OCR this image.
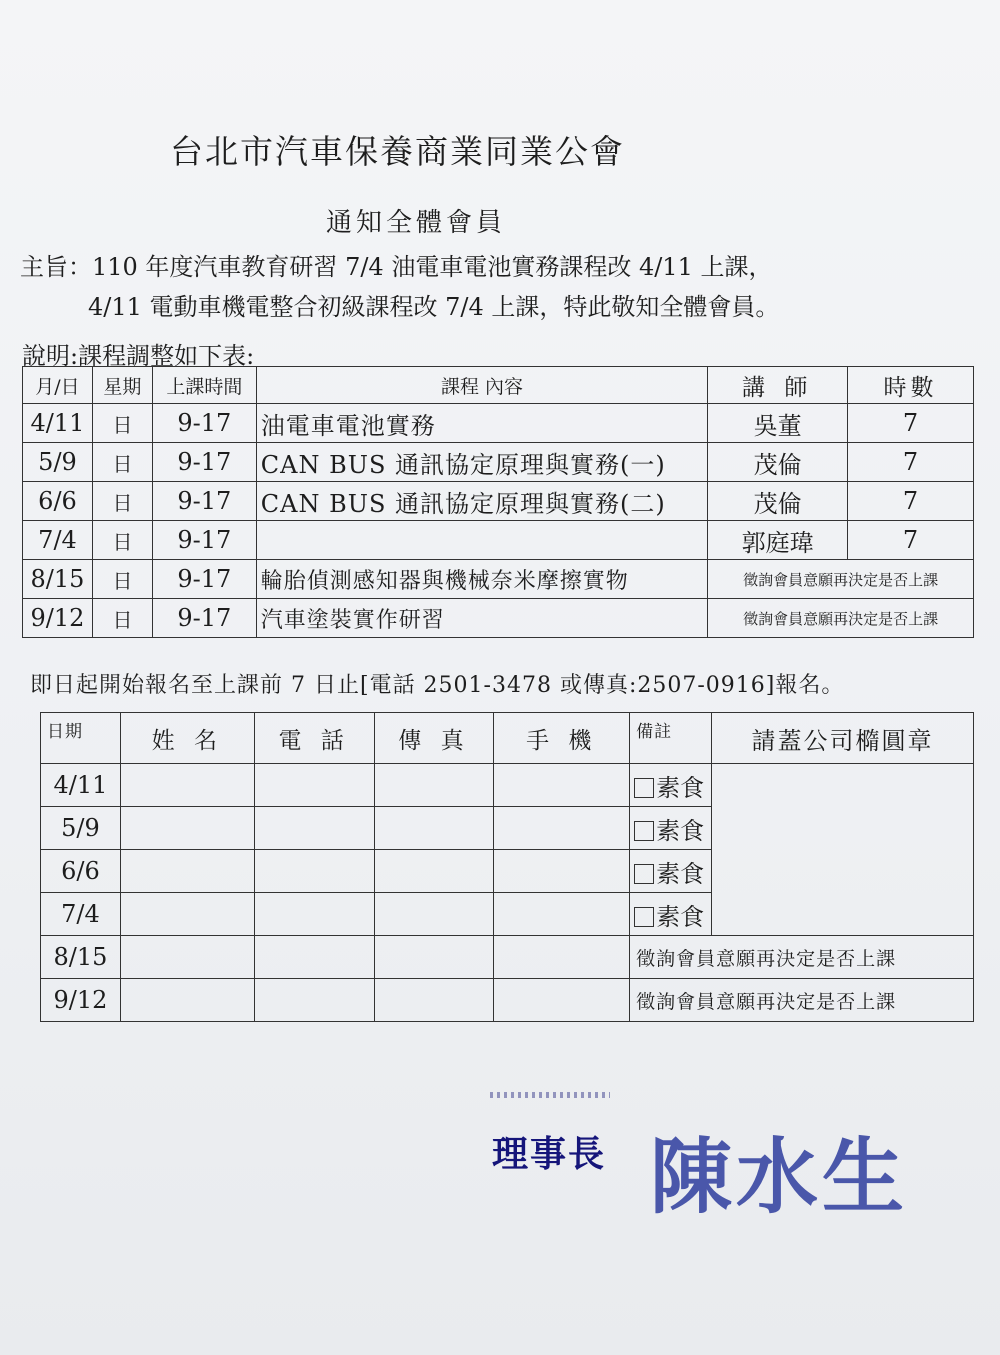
台北市汽車保養商業同業公會
通知全體會員
主旨：110 年度汽車教育研習 7/4 油電車電池實務課程改 4/11 上課，
4/11 電動車機電整合初級課程改 7/4 上課，特此敬知全體會員。
說明:課程調整如下表:
月/日	星期	上課時間	課程 內容	講 師	時數
4/11	日	9-17	油電車電池實務	吳董	7
5/9	日	9-17	CAN BUS 通訊協定原理與實務(一)	茂倫	7
6/6	日	9-17	CAN BUS 通訊協定原理與實務(二)	茂倫	7
7/4	日	9-17		郭庭瑋	7
8/15	日	9-17	輪胎偵測感知器與機械奈米摩擦實物	徵詢會員意願再決定是否上課	
9/12	日	9-17	汽車塗裝實作研習	徵詢會員意願再決定是否上課	
即日起開始報名至上課前 7 日止[電話 2501-3478 或傳真:2507-0916]報名。
日期	姓 名	電 話	傳 真	手 機	備註	請蓋公司橢圓章
4/11					素食	
5/9					素食	
6/6					素食	
7/4					素食	
8/15					徵詢會員意願再決定是否上課	
9/12					徵詢會員意願再決定是否上課	
理事長 陳水生
